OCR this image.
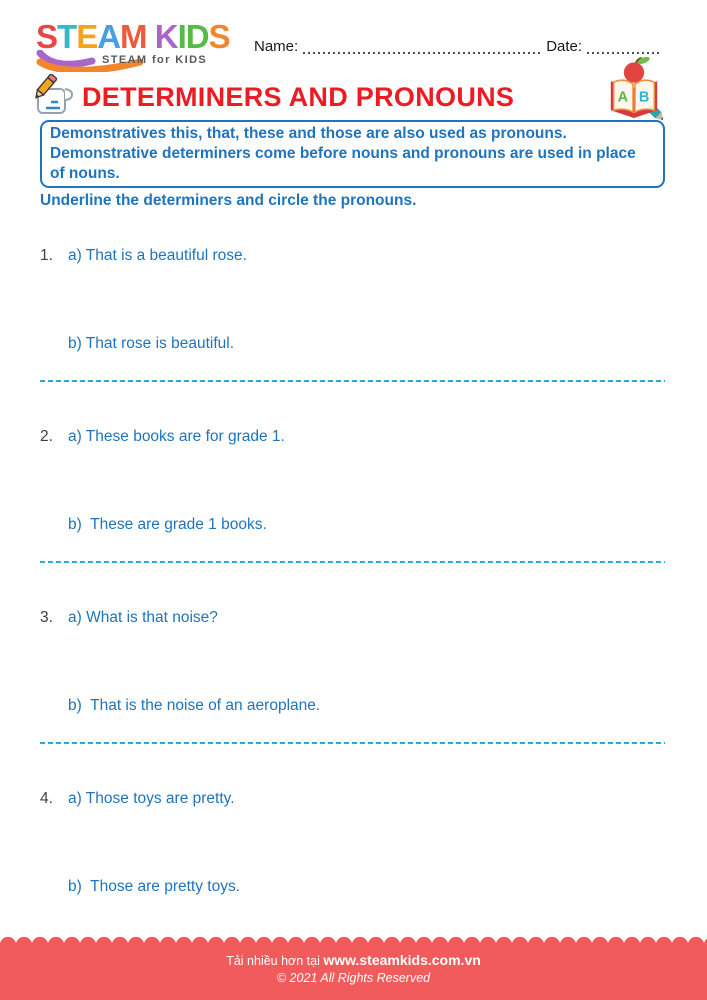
STEAM KIDS
STEAM for KIDS
Name:	Date:
DETERMINERS AND PRONOUNS	A B
Demonstratives this, that, these and those are also used as pronouns.
Demonstrative determiners come before nouns and pronouns are used in place
of nouns.
Underline the determiners and circle the pronouns.
1. a) That is a beautiful rose.
b) That rose is beautiful.
2. a) These books are for grade 1.
b)  These are grade 1 books.
3. a) What is that noise?
b)  That is the noise of an aeroplane.
4. a) Those toys are pretty.
b)  Those are pretty toys.
Tải nhiều hơn tại www.steamkids.com.vn
© 2021 All Rights Reserved
